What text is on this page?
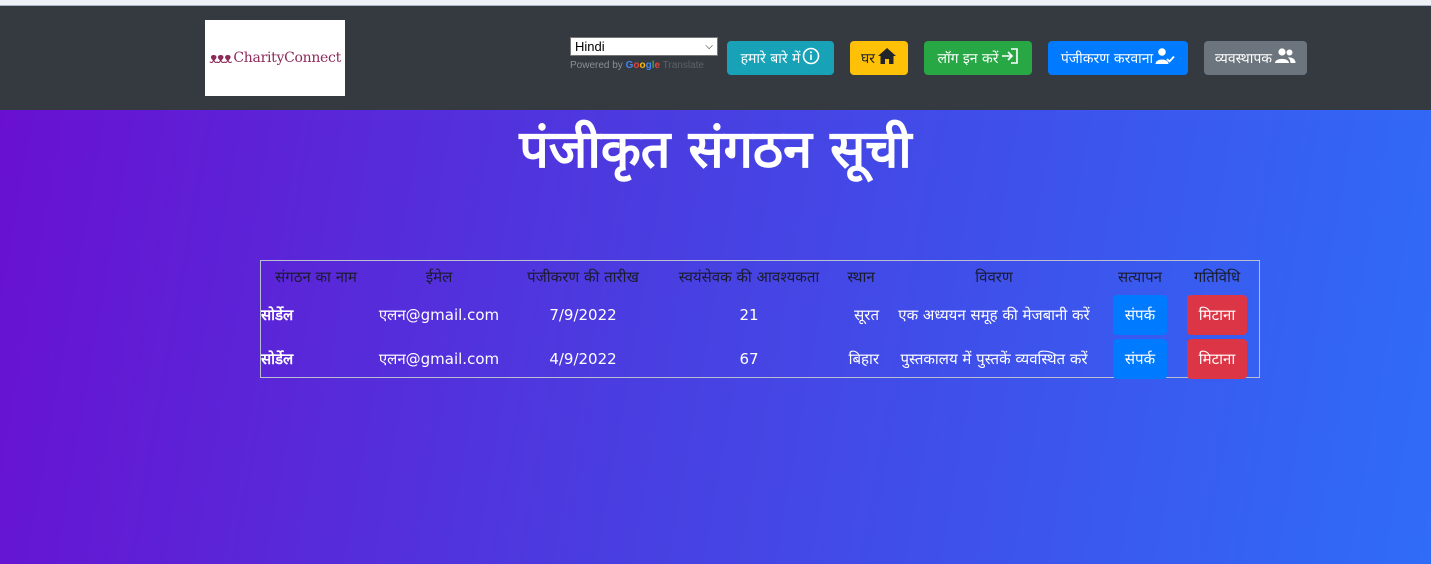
ᴥᴥᴥ CharityConnect
Hindi	⌵
Powered by Google Translate	हमारे बारे में	घर	लॉग इन करें	पंजीकरण करवाना	व्यवस्थापक
पंजीकृत संगठन सूची
संगठन का नाम	ईमेल	पंजीकरण की तारीख	स्वयंसेवक की आवश्यकता	स्थान	विवरण	सत्यापन	गतिविधि
सोर्डेल	एलन@gmail.com	7/9/2022	21	सूरत	एक अध्ययन समूह की मेजबानी करें	संपर्क	मिटाना
सोर्डेल	एलन@gmail.com	4/9/2022	67	बिहार	पुस्तकालय में पुस्तकें व्यवस्थित करें	संपर्क	मिटाना
